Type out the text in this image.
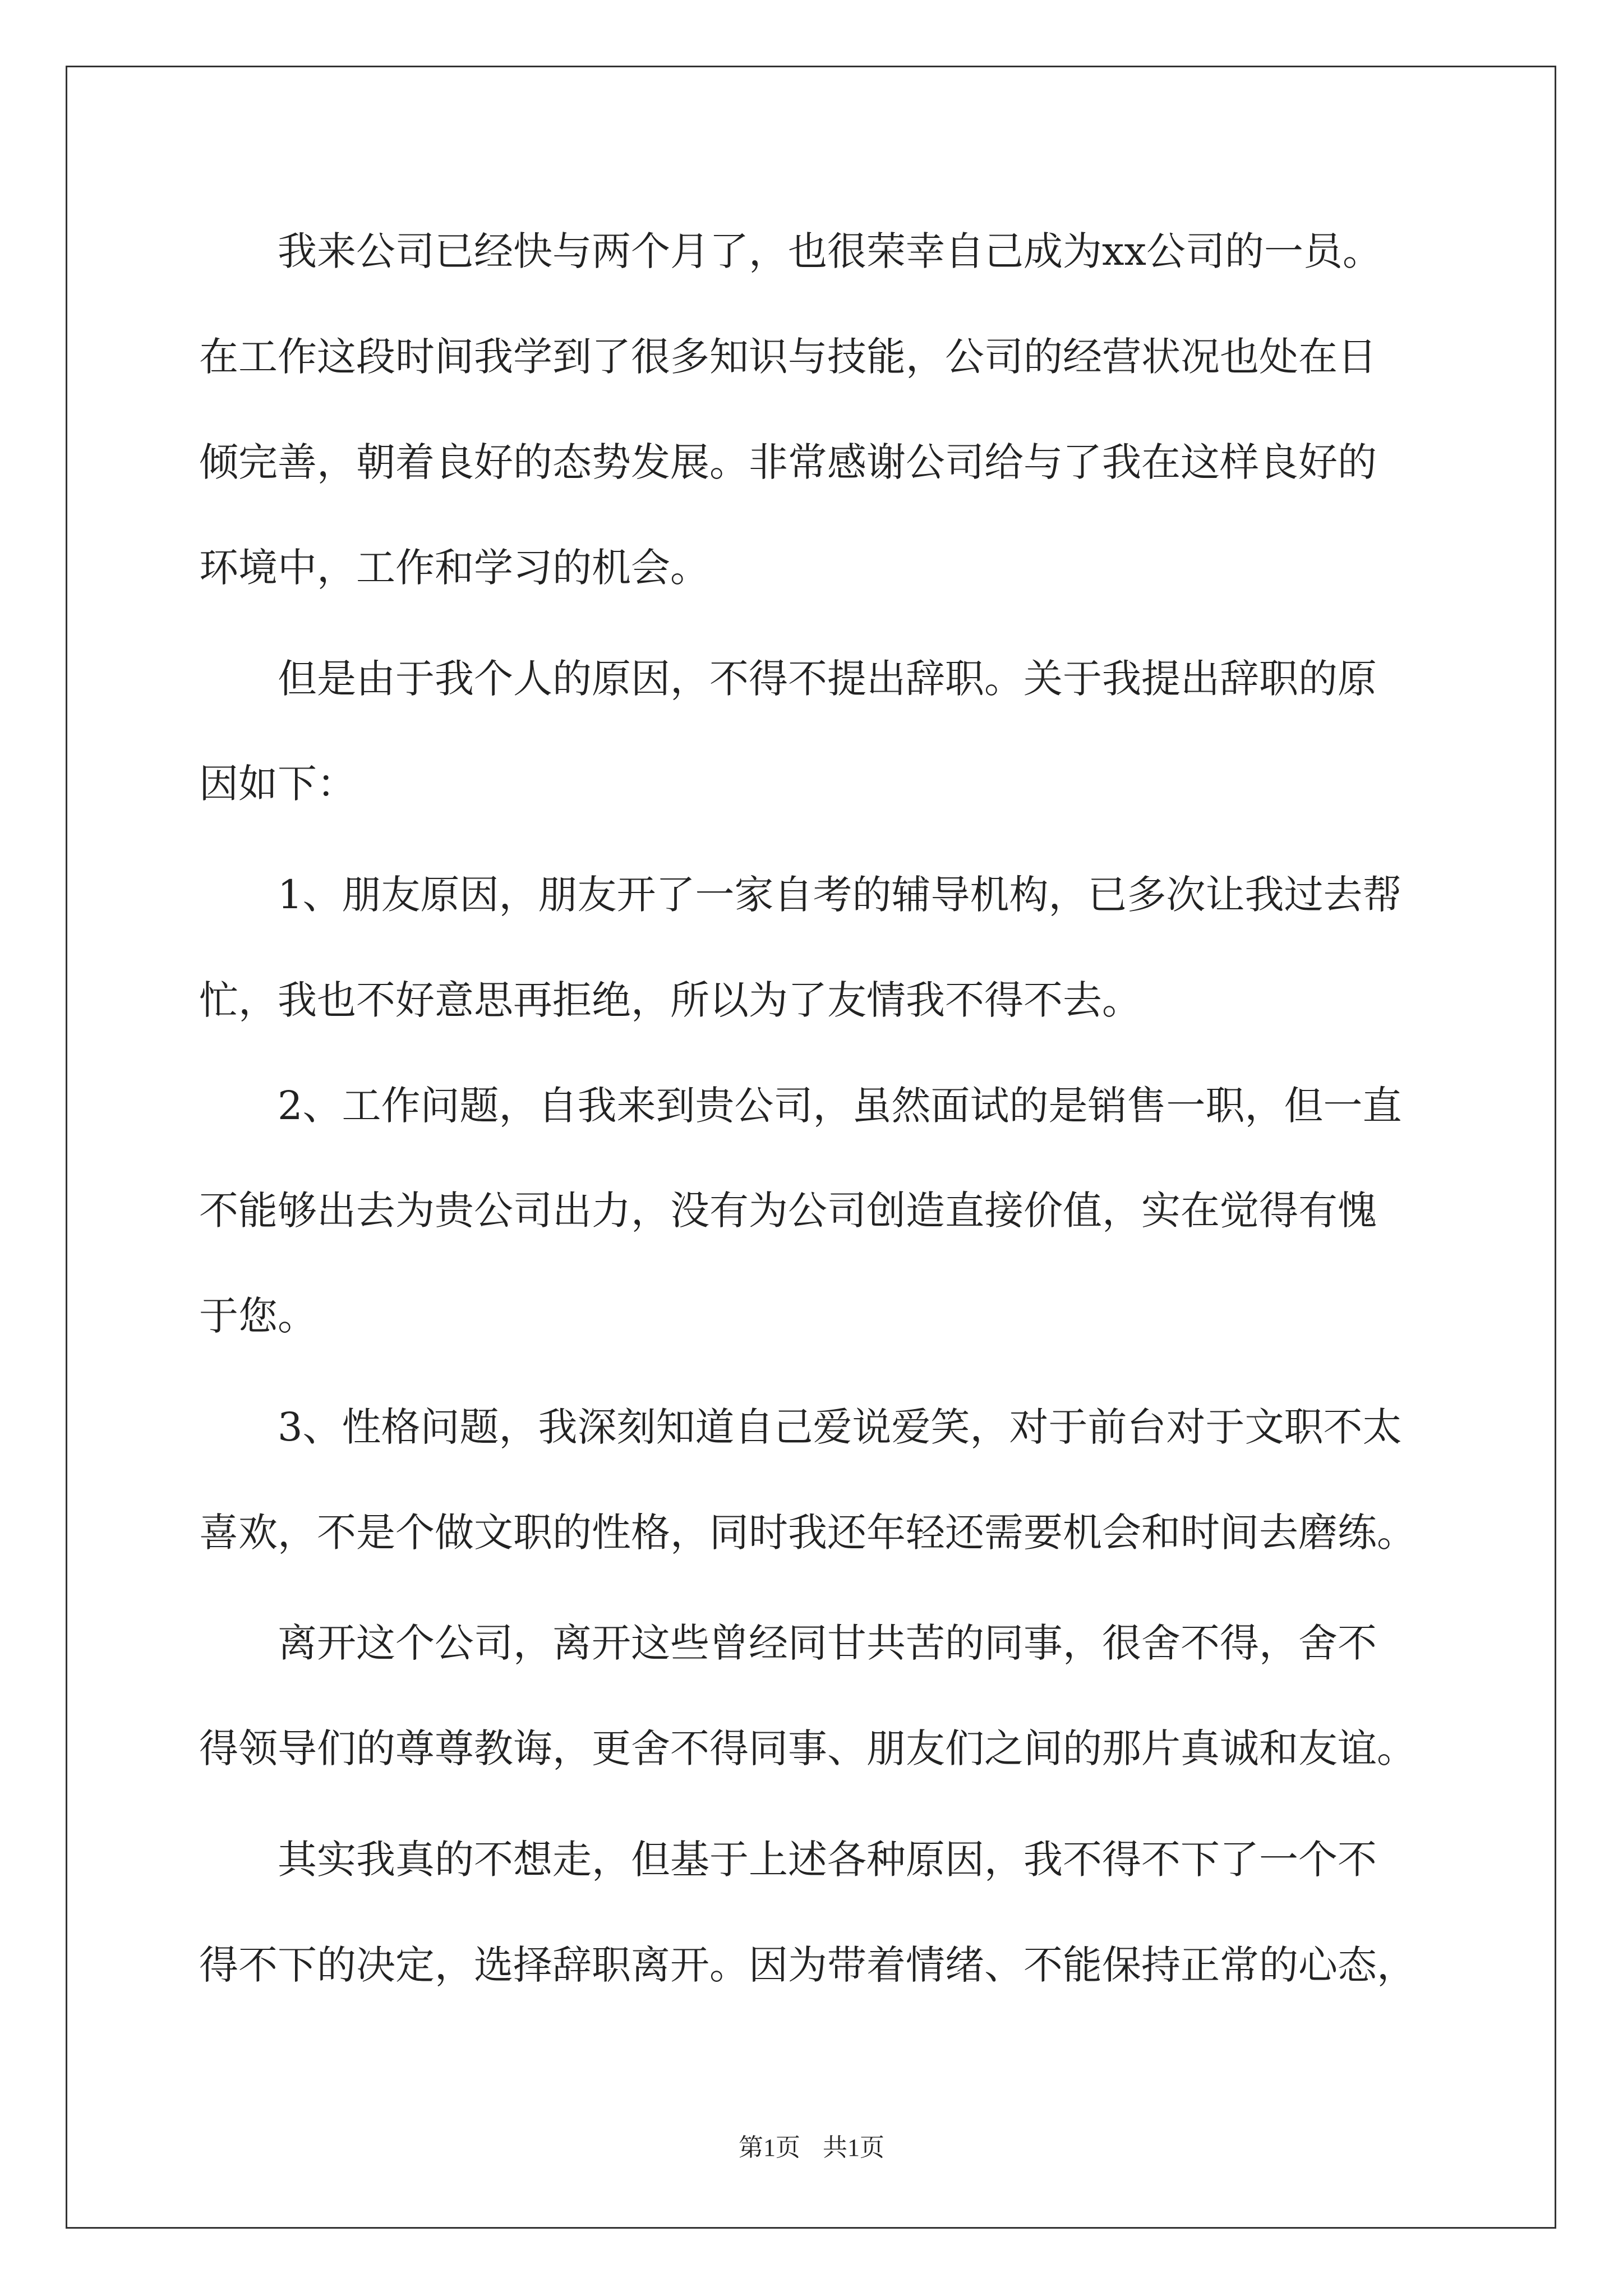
　　我来公司已经快与两个月了，也很荣幸自己成为xx公司的一员。

在工作这段时间我学到了很多知识与技能，公司的经营状况也处在日

倾完善，朝着良好的态势发展。非常感谢公司给与了我在这样良好的

环境中，工作和学习的机会。

　　但是由于我个人的原因，不得不提出辞职。关于我提出辞职的原

因如下：

　　1、朋友原因，朋友开了一家自考的辅导机构，已多次让我过去帮

忙，我也不好意思再拒绝，所以为了友情我不得不去。

　　2、工作问题，自我来到贵公司，虽然面试的是销售一职，但一直

不能够出去为贵公司出力，没有为公司创造直接价值，实在觉得有愧

于您。

　　3、性格问题，我深刻知道自己爱说爱笑，对于前台对于文职不太

喜欢，不是个做文职的性格，同时我还年轻还需要机会和时间去磨练。

　　离开这个公司，离开这些曾经同甘共苦的同事，很舍不得，舍不

得领导们的尊尊教诲，更舍不得同事、朋友们之间的那片真诚和友谊。

　　其实我真的不想走，但基于上述各种原因，我不得不下了一个不

得不下的决定，选择辞职离开。因为带着情绪、不能保持正常的心态，

第1页 共1页
